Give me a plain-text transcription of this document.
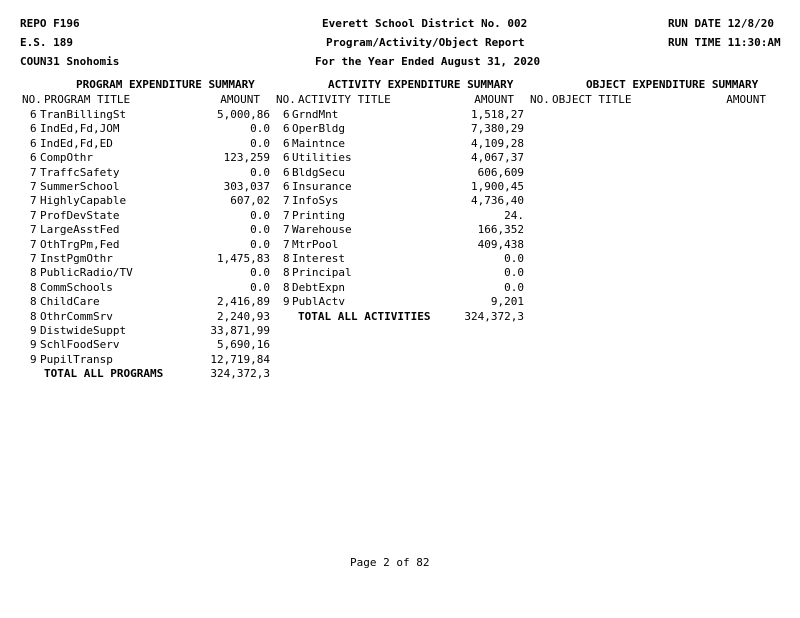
REPO F196
E.S. 189
COUN31 Snohomis
Everett School District No. 002
Program/Activity/Object Report
For the Year Ended August 31, 2020
RUN DATE 12/8/20
RUN TIME 11:30:AM
PROGRAM EXPENDITURE SUMMARY	ACTIVITY EXPENDITURE SUMMARY	OBJECT EXPENDITURE SUMMARY
NO. PROGRAM TITLE	AMOUNT NO. ACTIVITY TITLE	AMOUNT NO. OBJECT TITLE	AMOUNT
6 TranBillingSt	5,000,86
6 IndEd,Fd,JOM	0.0
6 IndEd,Fd,ED	0.0
6 CompOthr	123,259
7 TraffcSafety	0.0
7 SummerSchool	303,037
7 HighlyCapable	607,02
7 ProfDevState	0.0
7 LargeAsstFed	0.0
7 OthTrgPm,Fed	0.0
7 InstPgmOthr	1,475,83
8 PublicRadio/TV	0.0
8 CommSchools	0.0
8 ChildCare	2,416,89
8 OthrCommSrv	2,240,93
9 DistwideSuppt	33,871,99
9 SchlFoodServ	5,690,16
9 PupilTransp	12,719,84
TOTAL ALL PROGRAMS	324,372,3
6 GrndMnt	1,518,27
6 OperBldg	7,380,29
6 Maintnce	4,109,28
6 Utilities	4,067,37
6 BldgSecu	606,609
6 Insurance	1,900,45
7 InfoSys	4,736,40
7 Printing	24.
7 Warehouse	166,352
7 MtrPool	409,438
8 Interest	0.0
8 Principal	0.0
8 DebtExpn	0.0
9 PublActv	9,201
TOTAL ALL ACTIVITIES	324,372,3
Page 2 of 82
